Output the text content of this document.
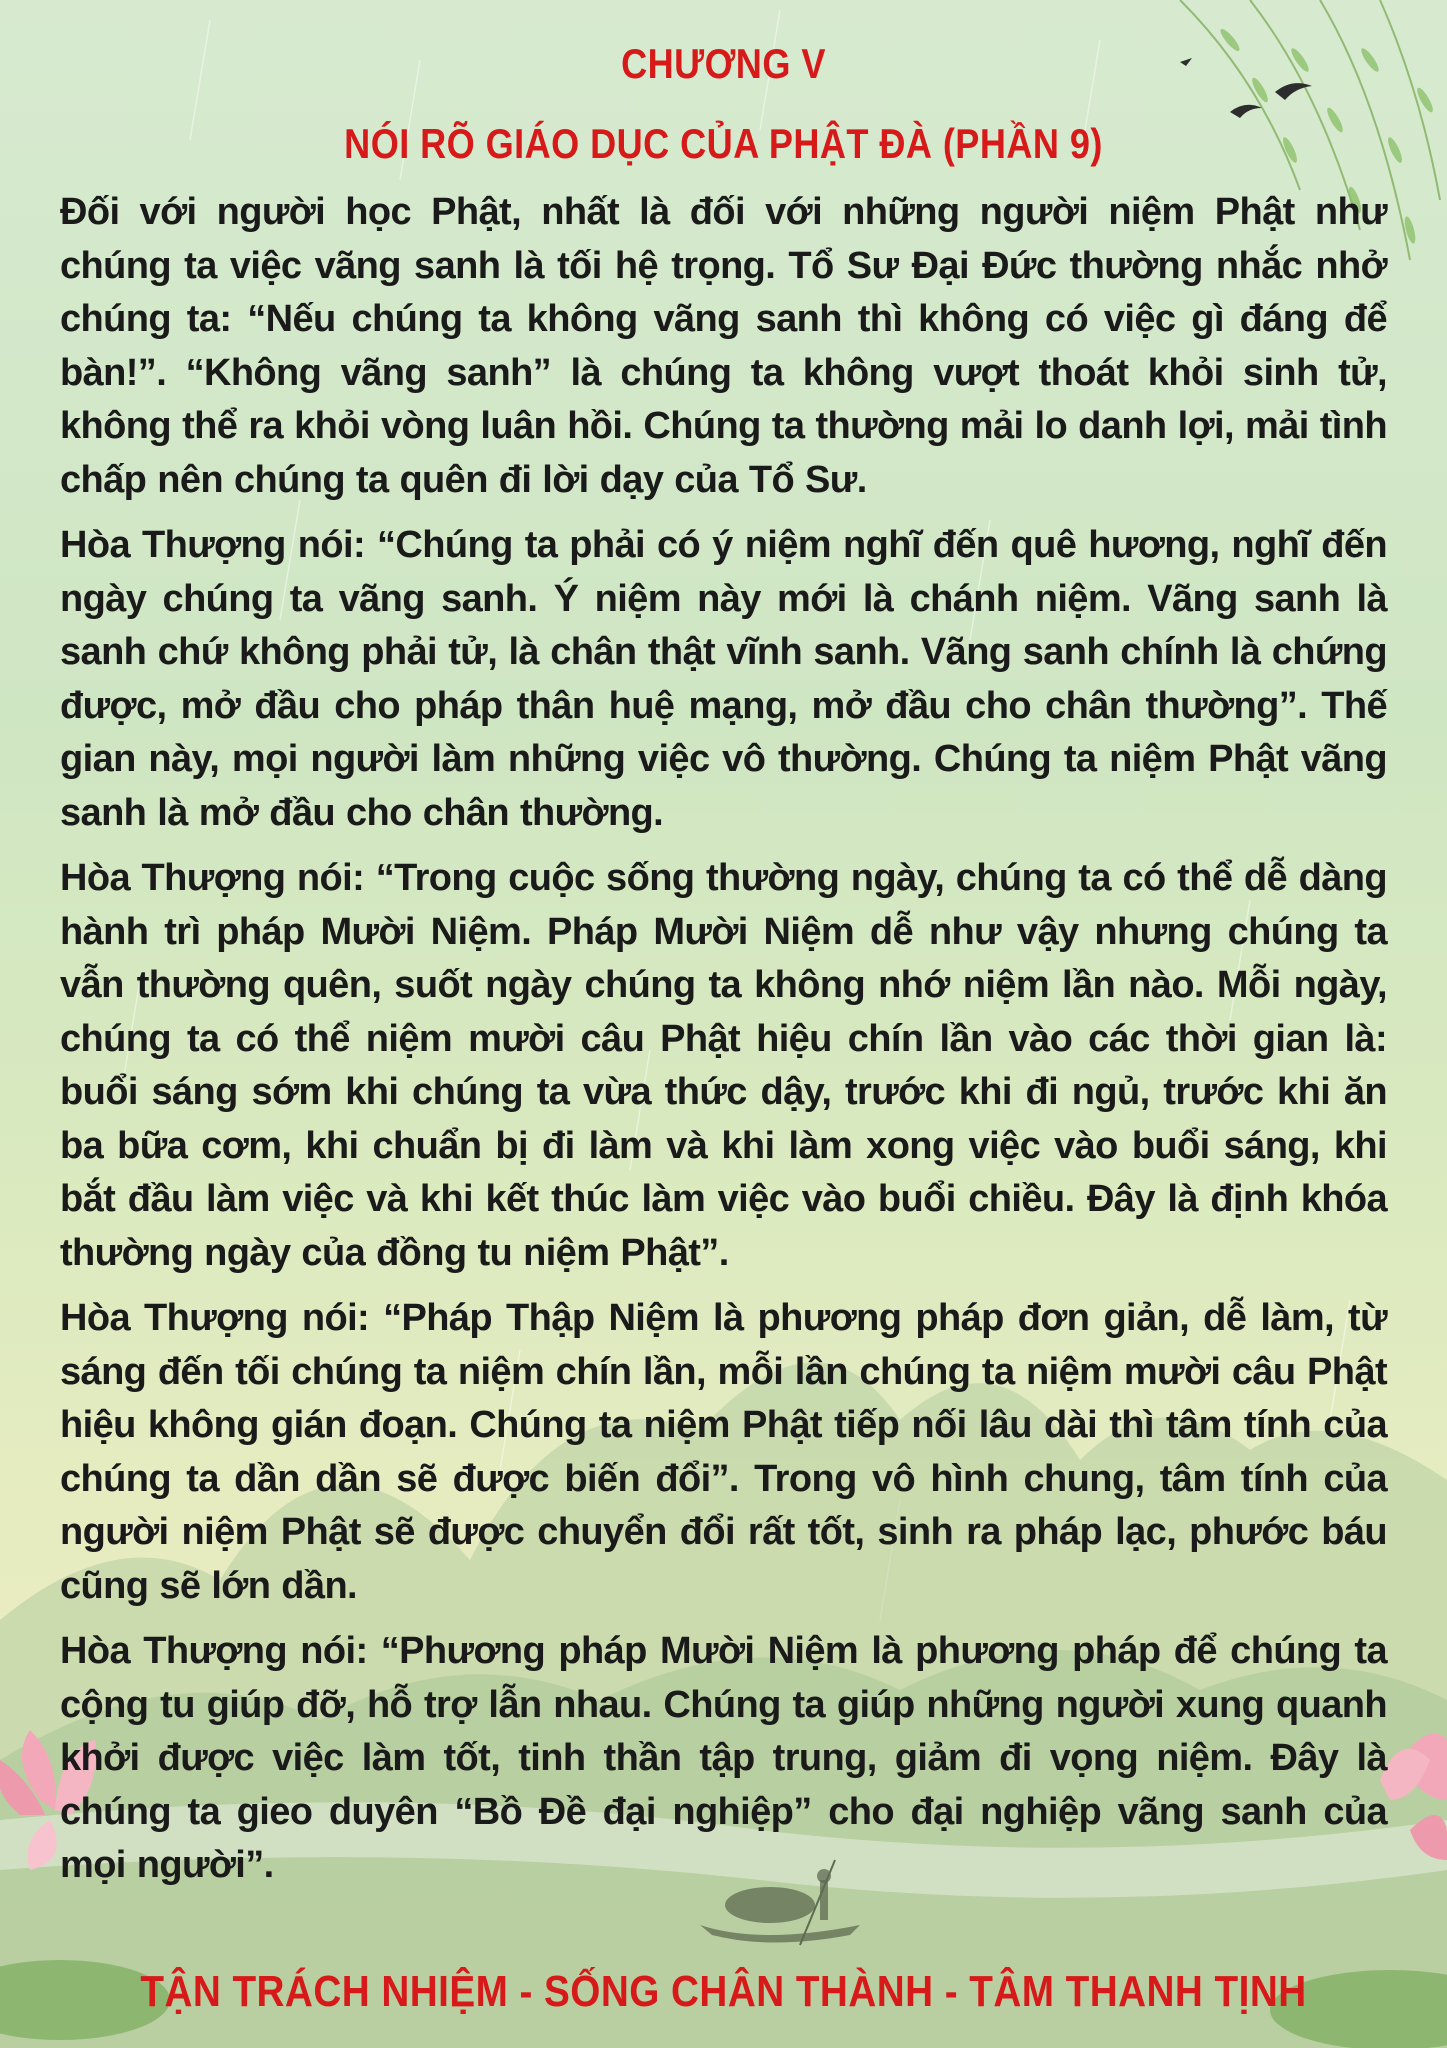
CHƯƠNG V
NÓI RÕ GIÁO DỤC CỦA PHẬT ĐÀ (PHẦN 9)

Đối với người học Phật, nhất là đối với những người niệm Phật như chúng ta việc vãng sanh là tối hệ trọng. Tổ Sư Đại Đức thường nhắc nhở chúng ta: “Nếu chúng ta không vãng sanh thì không có việc gì đáng để bàn!”. “Không vãng sanh” là chúng ta không vượt thoát khỏi sinh tử, không thể ra khỏi vòng luân hồi. Chúng ta thường mải lo danh lợi, mải tình chấp nên chúng ta quên đi lời dạy của Tổ Sư.

Hòa Thượng nói: “Chúng ta phải có ý niệm nghĩ đến quê hương, nghĩ đến ngày chúng ta vãng sanh. Ý niệm này mới là chánh niệm. Vãng sanh là sanh chứ không phải tử, là chân thật vĩnh sanh. Vãng sanh chính là chứng được, mở đầu cho pháp thân huệ mạng, mở đầu cho chân thường”. Thế gian này, mọi người làm những việc vô thường. Chúng ta niệm Phật vãng sanh là mở đầu cho chân thường.

Hòa Thượng nói: “Trong cuộc sống thường ngày, chúng ta có thể dễ dàng hành trì pháp Mười Niệm. Pháp Mười Niệm dễ như vậy nhưng chúng ta vẫn thường quên, suốt ngày chúng ta không nhớ niệm lần nào. Mỗi ngày, chúng ta có thể niệm mười câu Phật hiệu chín lần vào các thời gian là: buổi sáng sớm khi chúng ta vừa thức dậy, trước khi đi ngủ, trước khi ăn ba bữa cơm, khi chuẩn bị đi làm và khi làm xong việc vào buổi sáng, khi bắt đầu làm việc và khi kết thúc làm việc vào buổi chiều. Đây là định khóa thường ngày của đồng tu niệm Phật”.

Hòa Thượng nói: “Pháp Thập Niệm là phương pháp đơn giản, dễ làm, từ sáng đến tối chúng ta niệm chín lần, mỗi lần chúng ta niệm mười câu Phật hiệu không gián đoạn. Chúng ta niệm Phật tiếp nối lâu dài thì tâm tính của chúng ta dần dần sẽ được biến đổi”. Trong vô hình chung, tâm tính của người niệm Phật sẽ được chuyển đổi rất tốt, sinh ra pháp lạc, phước báu cũng sẽ lớn dần.

Hòa Thượng nói: “Phương pháp Mười Niệm là phương pháp để chúng ta cộng tu giúp đỡ, hỗ trợ lẫn nhau. Chúng ta giúp những người xung quanh khởi được việc làm tốt, tinh thần tập trung, giảm đi vọng niệm. Đây là chúng ta gieo duyên “Bồ Đề đại nghiệp” cho đại nghiệp vãng sanh của mọi người”.

TẬN TRÁCH NHIỆM - SỐNG CHÂN THÀNH - TÂM THANH TỊNH
